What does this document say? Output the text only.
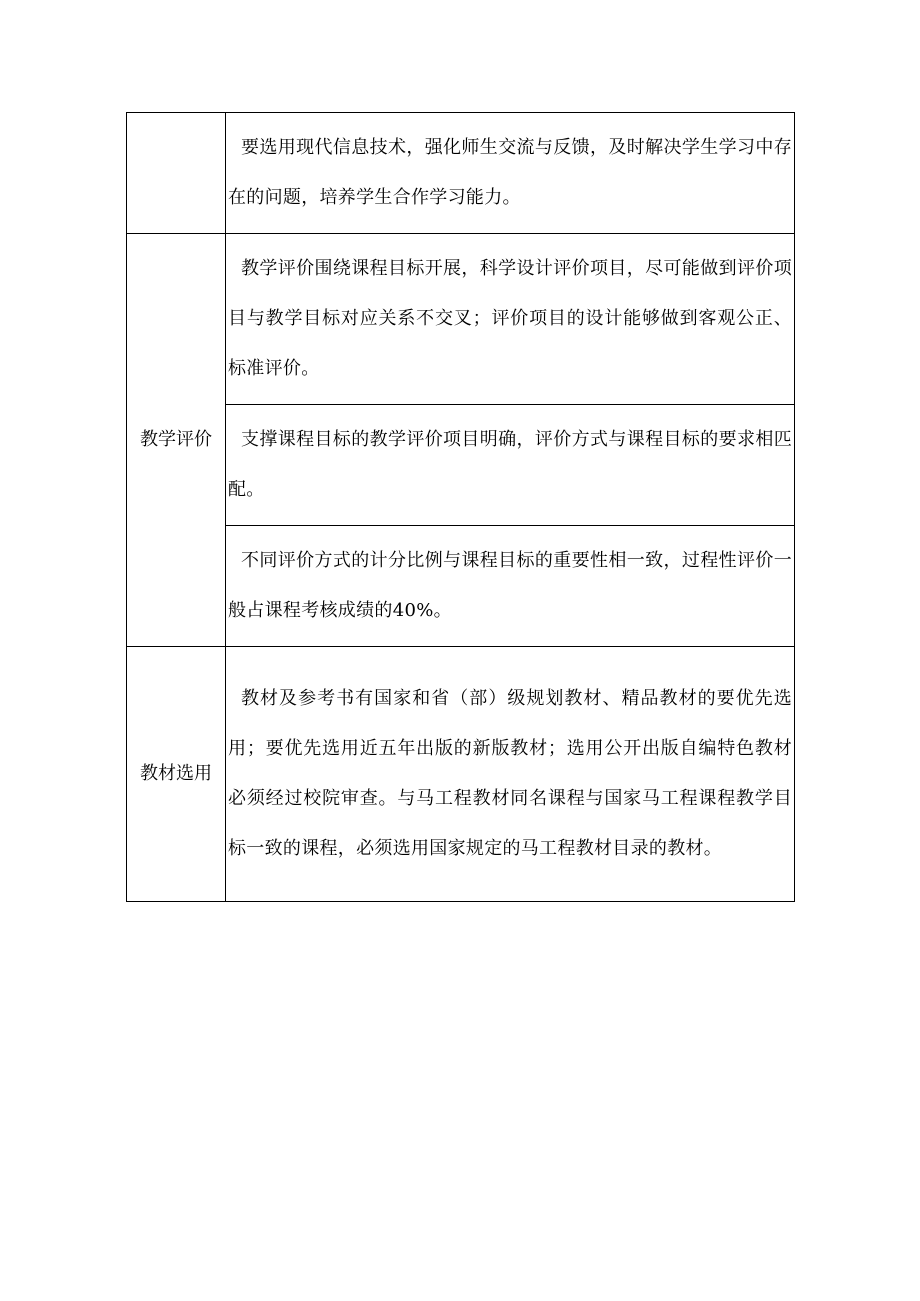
	要选用现代信息技术，强化师生交流与反馈，及时解决学生学习中存在的问题，培养学生合作学习能力。

教学评价	教学评价围绕课程目标开展，科学设计评价项目，尽可能做到评价项目与教学目标对应关系不交叉；评价项目的设计能够做到客观公正、标准评价。

	支撑课程目标的教学评价项目明确，评价方式与课程目标的要求相匹配。

	不同评价方式的计分比例与课程目标的重要性相一致，过程性评价一般占课程考核成绩的40%。

教材选用	教材及参考书有国家和省（部）级规划教材、精品教材的要优先选用；要优先选用近五年出版的新版教材；选用公开出版自编特色教材必须经过校院审查。与马工程教材同名课程与国家马工程课程教学目标一致的课程，必须选用国家规定的马工程教材目录的教材。
